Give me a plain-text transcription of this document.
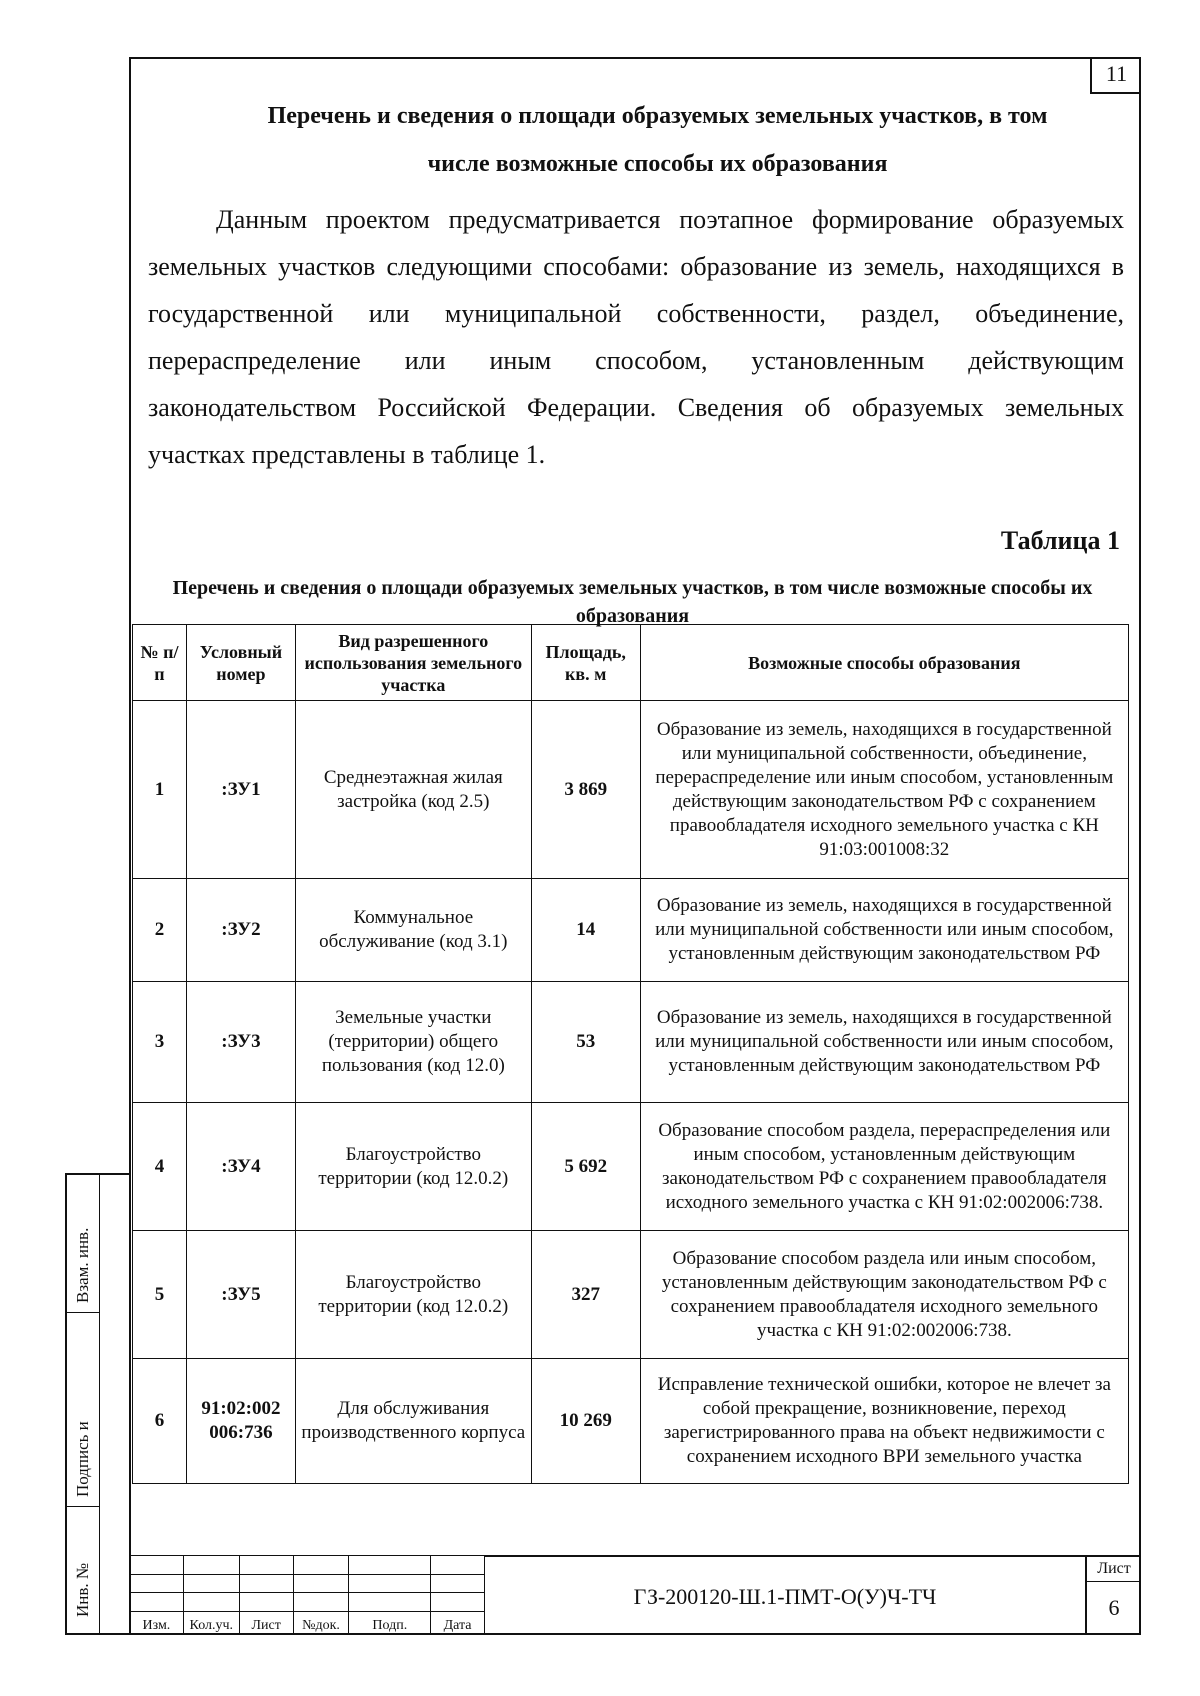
11
Перечень и сведения о площади образуемых земельных участков, в том
числе возможные способы их образования
Данным проектом предусматривается поэтапное формирование образуемых
земельных участков следующими способами: образование из земель, находящихся в
государственной или муниципальной собственности, раздел, объединение,
перераспределение или иным способом, установленным действующим
законодательством Российской Федерации. Сведения об образуемых земельных
участках представлены в таблице 1.
Таблица 1
Перечень и сведения о площади образуемых земельных участков, в том числе возможные способы их образования
№ п/п	Условный номер	Вид разрешенного использования земельного участка	Площадь, кв. м	Возможные способы образования
1	:ЗУ1	Среднеэтажная жилая застройка (код 2.5)	3 869	Образование из земель, находящихся в государственной или муниципальной собственности, объединение, перераспределение или иным способом, установленным действующим законодательством РФ с сохранением правообладателя исходного земельного участка с КН 91:03:001008:32
2	:ЗУ2	Коммунальное обслуживание (код 3.1)	14	Образование из земель, находящихся в государственной или муниципальной собственности или иным способом, установленным действующим законодательством РФ
3	:ЗУ3	Земельные участки (территории) общего пользования (код 12.0)	53	Образование из земель, находящихся в государственной или муниципальной собственности или иным способом, установленным действующим законодательством РФ
4	:ЗУ4	Благоустройство территории (код 12.0.2)	5 692	Образование способом раздела, перераспределения или иным способом, установленным действующим законодательством РФ с сохранением правообладателя исходного земельного участка с КН 91:02:002006:738.
5	:ЗУ5	Благоустройство территории (код 12.0.2)	327	Образование способом раздела или иным способом, установленным действующим законодательством РФ с сохранением правообладателя исходного земельного участка с КН 91:02:002006:738.
6	91:02:002 006:736	Для обслуживания производственного корпуса	10 269	Исправление технической ошибки, которое не влечет за собой прекращение, возникновение, переход зарегистрированного права на объект недвижимости с сохранением исходного ВРИ земельного участка
Взам. инв.
Подпись и
Инв. №

Изм.	Кол.уч.	Лист	№док.	Подп.	Дата
ГЗ-200120-Ш.1-ПМТ-О(У)Ч-ТЧ
Лист
6
